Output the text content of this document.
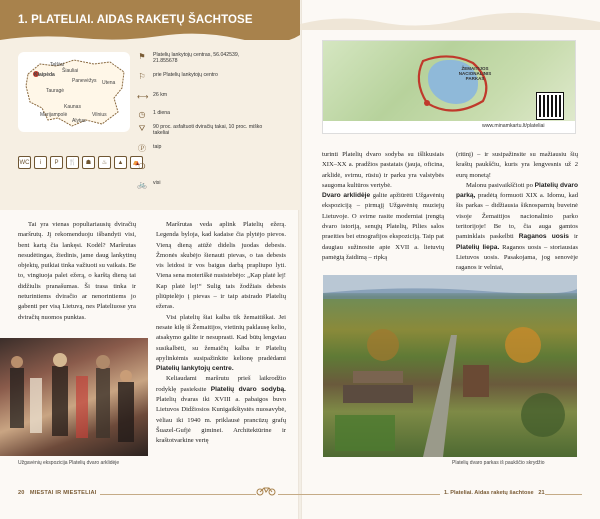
1. PLATELIAI. AIDAS RAKETŲ ŠACHTOSE
Klaipėda
Šiauliai
Panevėžys Utena
Kaunas
Vilnius
Alytus
Tauragė
Telšiai
Marijampolė
WC	i	P	🍴	☗	♨	▲	⛺
⚑ Platelių lankytojų centras, 56.042539, 21.855678
⚐ prie Platelių lankytojų centro
⟷ 26 km
◷ 1 diena
⛛	90 proc. asfaltuoti dviračių takai, 10 proc. miško takeliai
Ⓟ taip
❍
🚲 visi

Tai yra vienas populiariausių dviračių maršrutų. Jį rekomenduoju išbandyti visi, bent kartą čia lankęsi. Kodėl? Maršrutas nesudėtingas, žiedinis, jame daug lankytinų objektų, puikiai tinka važiuoti su vaikais. Be to, vingiuoja palei ežerą, o karštą dieną tai didžiulis pranašumas. Ši trasa tinka ir neturintiems dviračio ar nenorintiems jo gabenti per visą Lietuvą, nes Plateliuose yra dviračių nuomos punktas.

Užgavėnių ekspozicija Platelių dvaro arklidėje

Maršrutas veda aplink Platelių ežerą. Legenda byloja, kad kadaise čia plytėjo pievos. Vieną dieną atūžė didelis juodas debesis. Žmonės skubėjo šienauti pievas, o tas debesis vis leidosi ir vos baigus darbą prapliupo lyti. Viena sena moteriškė nusistebėjo: „Kap platė lej! Kap platė lej!“ Sulig tais žodžiais debesis pliūptelėjo į pievas – ir taip atsirado Platelių ežeras.

Visi platelių šiai kalba tik žemaitiškai. Jei nesate kilę iš Žemaitijos, vietinių paklausę kelio, atsakymo galite ir nesuprasti. Kad būtų lengviau susikalbėti, su žemaičių kalba ir Platelių apylinkėmis susipažinkite kelionę pradėdami Platelių lankytojų centre.

Keliaudami maršrutu prieš laikrodžio rodyklę pasieksite Platelių dvaro sodybą. Platelių dvaras iki XVIII a. pabaigos buvo Lietuvos Didžiosios Kunigaikštystės nuosavybė, vėliau iki 1940 m. priklausė prancūzų grafų Šuazel-Gufjė giminei. Architektūrine ir kraštotvarkine vertę

ŽEMAITIJOS NACIONALINIS PARKAS
www.minamkartu.lt/plateliai

turinti Platelių dvaro sodyba su išlikusiais XIX–XX a. pradžios pastatais (jauja, oficina, arklidė, svirnu, rūsiu) ir parku yra valstybės saugoma kultūros vertybė.

Dvaro arklidėje galite apžiūrėti Užgavėnių ekspoziciją – pirmąjį Užgavėnių muziejų Lietuvoje. O svirne rasite moderniai įrengtą dvaro istoriją, senųjų Platelių, Pilies salos praeities bei etnografijos ekspoziciją. Taip pat daugiau sužinosite apie XVII a. lietuvių pamėgtą žaidimą – ripką

(ritinį) – ir susipažinsite su mažiausiu šių kraštų paukščiu, kuris yra lengvesnis už 2 eurų monetą!

Malonu pasivaikščioti po Platelių dvaro parką, pradėtą formuoti XIX a. Idomu, kad šis parkas – didžiausia šiknosparnių buveinė visoje Žemaitijos nacionalinio parko teritorijoje! Be to, čia auga gamtos paminklais paskelbti Raganos uosis ir Platelių liepa. Raganos uosis – storiausias Lietuvos uosis. Pasakojama, jog senovėje raganos ir velniai,

Platelių dvaro parkas iš paukščio skrydžio
20 MIESTAI IR MIESTELIAI	1. Plateliai. Aidas raketų šachtose 21
